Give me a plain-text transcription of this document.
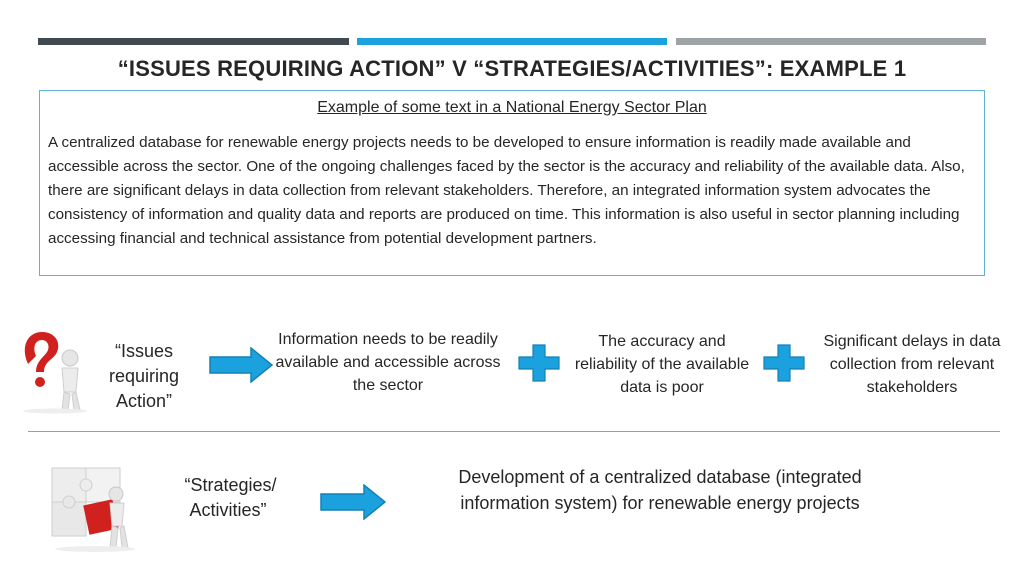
“ISSUES REQUIRING ACTION” V “STRATEGIES/ACTIVITIES”: EXAMPLE 1
Example of some text in a National Energy Sector Plan
A centralized database for renewable energy projects needs to be developed to ensure information is readily made available and accessible across the sector. One of the ongoing challenges faced by the sector is the accuracy and reliability of the available data. Also, there are significant delays in data collection from relevant stakeholders. Therefore, an integrated information system advocates the consistency of information and quality data and reports are produced on time. This information is also useful in sector planning including accessing financial and technical assistance from potential development partners.
“Issues
requiring
Action”
Information needs to be readily available and accessible across the sector
The accuracy and reliability of the available data is poor
Significant delays in data collection from relevant stakeholders
“Strategies/
Activities”
Development of a centralized database (integrated information system) for renewable energy projects
